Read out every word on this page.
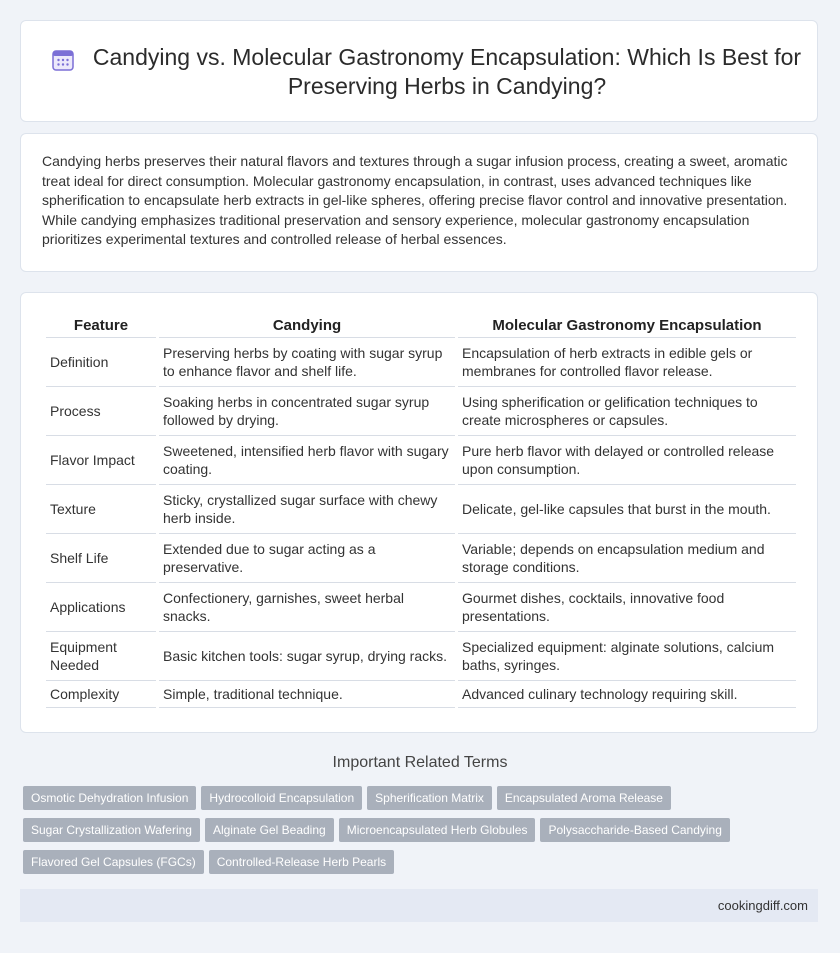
Candying vs. Molecular Gastronomy Encapsulation: Which Is Best for Preserving Herbs in Candying?

Candying herbs preserves their natural flavors and textures through a sugar infusion process, creating a sweet, aromatic treat ideal for direct consumption. Molecular gastronomy encapsulation, in contrast, uses advanced techniques like spherification to encapsulate herb extracts in gel-like spheres, offering precise flavor control and innovative presentation. While candying emphasizes traditional preservation and sensory experience, molecular gastronomy encapsulation prioritizes experimental textures and controlled release of herbal essences.

Feature	Candying	Molecular Gastronomy Encapsulation
Definition	Preserving herbs by coating with sugar syrup to enhance flavor and shelf life.	Encapsulation of herb extracts in edible gels or membranes for controlled flavor release.
Process	Soaking herbs in concentrated sugar syrup followed by drying.	Using spherification or gelification techniques to create microspheres or capsules.
Flavor Impact	Sweetened, intensified herb flavor with sugary coating.	Pure herb flavor with delayed or controlled release upon consumption.
Texture	Sticky, crystallized sugar surface with chewy herb inside.	Delicate, gel-like capsules that burst in the mouth.
Shelf Life	Extended due to sugar acting as a preservative.	Variable; depends on encapsulation medium and storage conditions.
Applications	Confectionery, garnishes, sweet herbal snacks.	Gourmet dishes, cocktails, innovative food presentations.
Equipment Needed	Basic kitchen tools: sugar syrup, drying racks.	Specialized equipment: alginate solutions, calcium baths, syringes.
Complexity	Simple, traditional technique.	Advanced culinary technology requiring skill.
Important Related Terms
Osmotic Dehydration Infusion Hydrocolloid Encapsulation Spherification Matrix Encapsulated Aroma Release
Sugar Crystallization Wafering Alginate Gel Beading Microencapsulated Herb Globules Polysaccharide-Based Candying
Flavored Gel Capsules (FGCs) Controlled-Release Herb Pearls
cookingdiff.com
